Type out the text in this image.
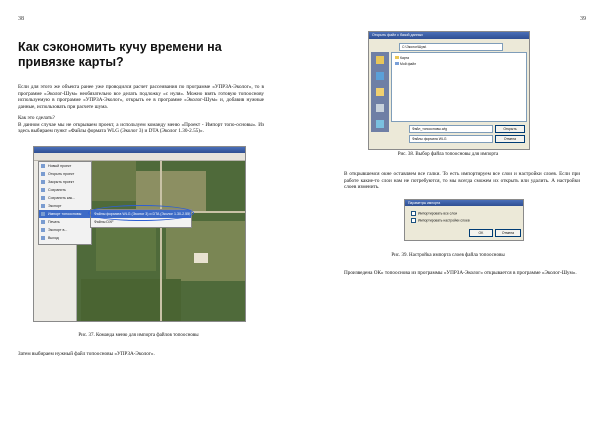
38
Как сэкономить кучу времени на привязке карты?

Если для этого же объекта ранее уже проводился расчет рассеивания по программе «УПРЗА-Эколог», то в программе «Эколог-Шум» необязательно все делать подложку «с нуля». Можно взять готовую топооснову используемую в программе «УПРЗА-Эколог», открыть ее в программе «Эколог-Шум» и, добавив нужные данные, использовать при расчете шума.

Как это сделать?
В данном случае мы не открываем проект, а используем команду меню «Проект - Импорт топо-основы». Из здесь выбираем пункт «Файлы формата WLG (Эколог 3) и DTA (Эколог 1.30-2.55)».

Новый проект
Открыть проект
Закрыть проект
Сохранить
Сохранить как...
Экспорт
Импорт топоосновы
Печать
Экспорт в...
Выход
Файлы формата WLG (Эколог 3) и DTA (Эколог 1.30-2.55)
Файлы DXF
Рис. 37. Команда меню для импорта файлов топоосновы

Затем выбираем нужный файл топоосновы «УПРЗА-Эколог».

39
Открыть файл с базой данных
C:\Эколог\Шум\
Карта
Мой файл
Файл_топоосновы.wlg
Файлы формата WLG
Открыть
Отмена
Рис. 38. Выбор файла топоосновы для импорта

В открывшемся окне оставляем все галки. То есть импортируем все слои и настройки слоев. Если при работе какие-то слои нам не потребуются, то мы всегда сможем их открыть или удалить. А настройки слоев изменить.

Параметры импорта
Импортировать все слои
Импортировать настройки слоев
OK	Отмена
Рис. 39. Настройка импорта слоев файла топоосновы

Произведена ОК» топооснова из программы «УПРЗА-Эколог» открывается в программе «Эколог-Шум».
